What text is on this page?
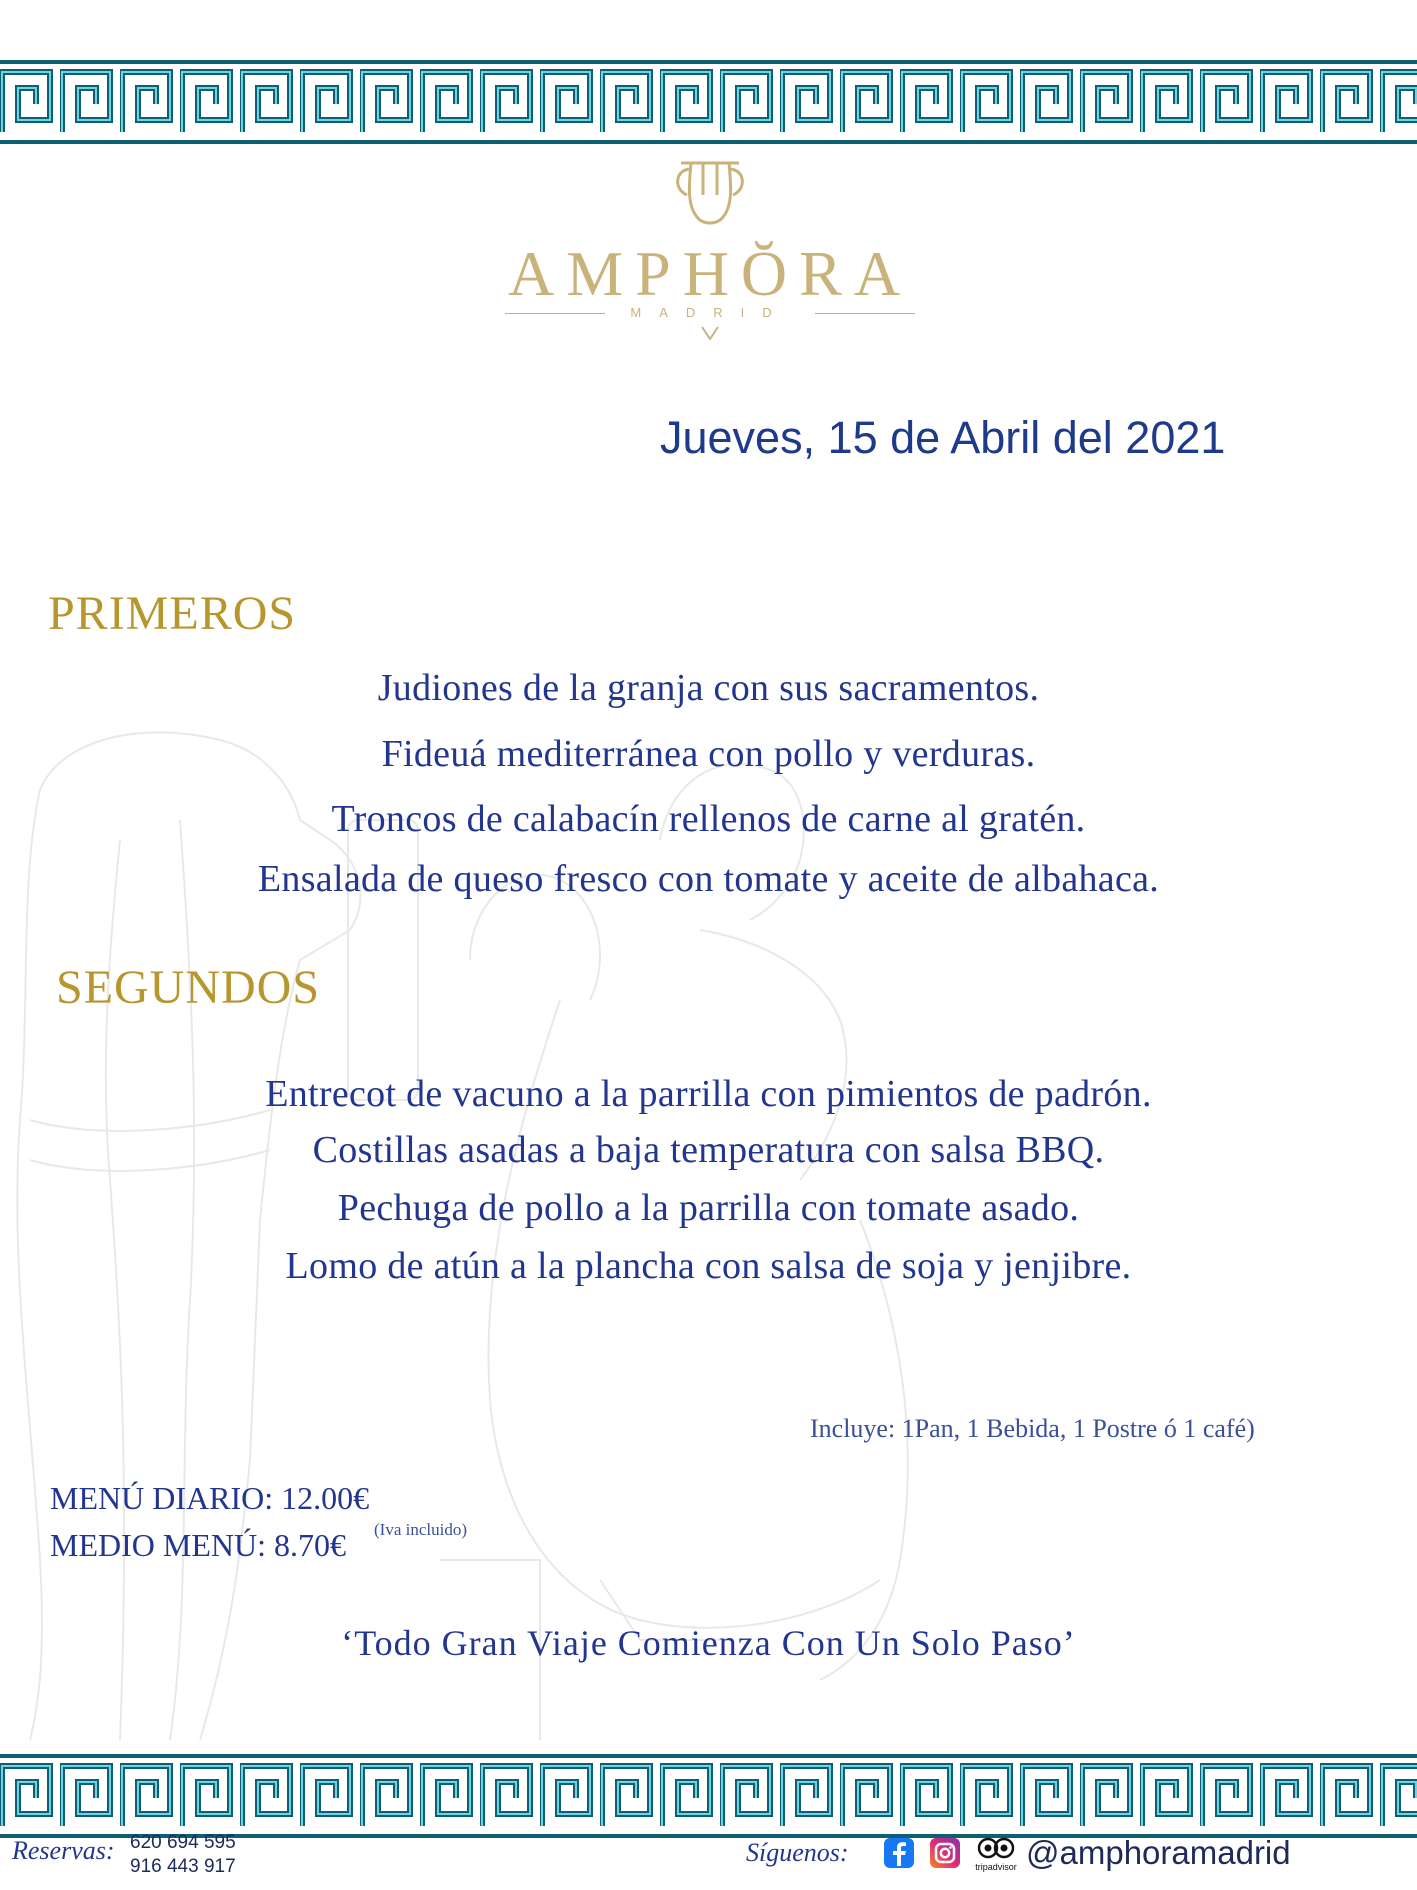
AMPHŎRA
MADRID
Jueves, 15 de Abril del 2021
PRIMEROS
Judiones de la granja con sus sacramentos.
Fideuá mediterránea con pollo y verduras.
Troncos de calabacín rellenos de carne al gratén.
Ensalada de queso fresco con tomate y aceite de albahaca.
SEGUNDOS
Entrecot de vacuno a la parrilla con pimientos de padrón.
Costillas asadas a baja temperatura con salsa BBQ.
Pechuga de pollo a la parrilla con tomate asado.
Lomo de atún a la plancha con salsa de soja y jenjibre.
Incluye: 1Pan, 1 Bebida, 1 Postre ó 1 café)
MENÚ DIARIO: 12.00€
MEDIO MENÚ: 8.70€ (Iva incluido)
‘Todo Gran Viaje Comienza Con Un Solo Paso’
Reservas: 620 694 595
916 443 917	Síguenos:	tripadvisor @amphoramadrid
